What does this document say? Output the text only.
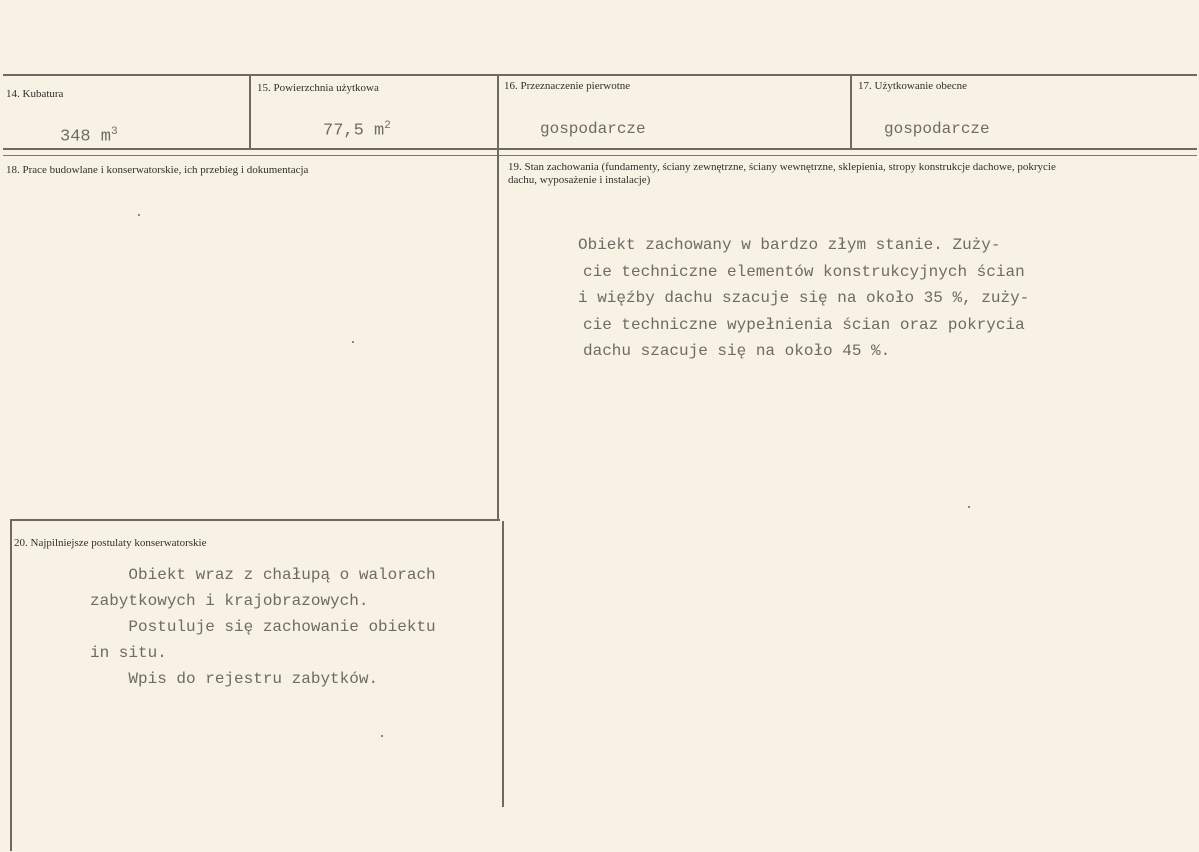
14. Kubatura
348 $m^3$
15. Powierzchnia użytkowa
77,5 $m^2$
16. Przeznaczenie pierwotne
gospodarcze
17. Użytkowanie obecne
gospodarcze
18. Prace budowlane i konserwatorskie, ich przebieg i dokumentacja	19. Stan zachowania (fundamenty, ściany zewnętrzne, ściany wewnętrzne, sklepienia, stropy konstrukcje dachowe, pokrycie dachu, wyposażenie i instalacje)
Obiekt zachowany w bardzo złym stanie. Zuży-
cie techniczne elementów konstrukcyjnych ścian
i więźby dachu szacuje się na około 35 %, zuży-
cie techniczne wypełnienia ścian oraz pokrycia
dachu szacuje się na około 45 %.
20. Najpilniejsze postulaty konserwatorskie
Obiekt wraz z chałupą o walorach
zabytkowych i krajobrazowych.
Postuluje się zachowanie obiektu
in situ.
Wpis do rejestru zabytków.
